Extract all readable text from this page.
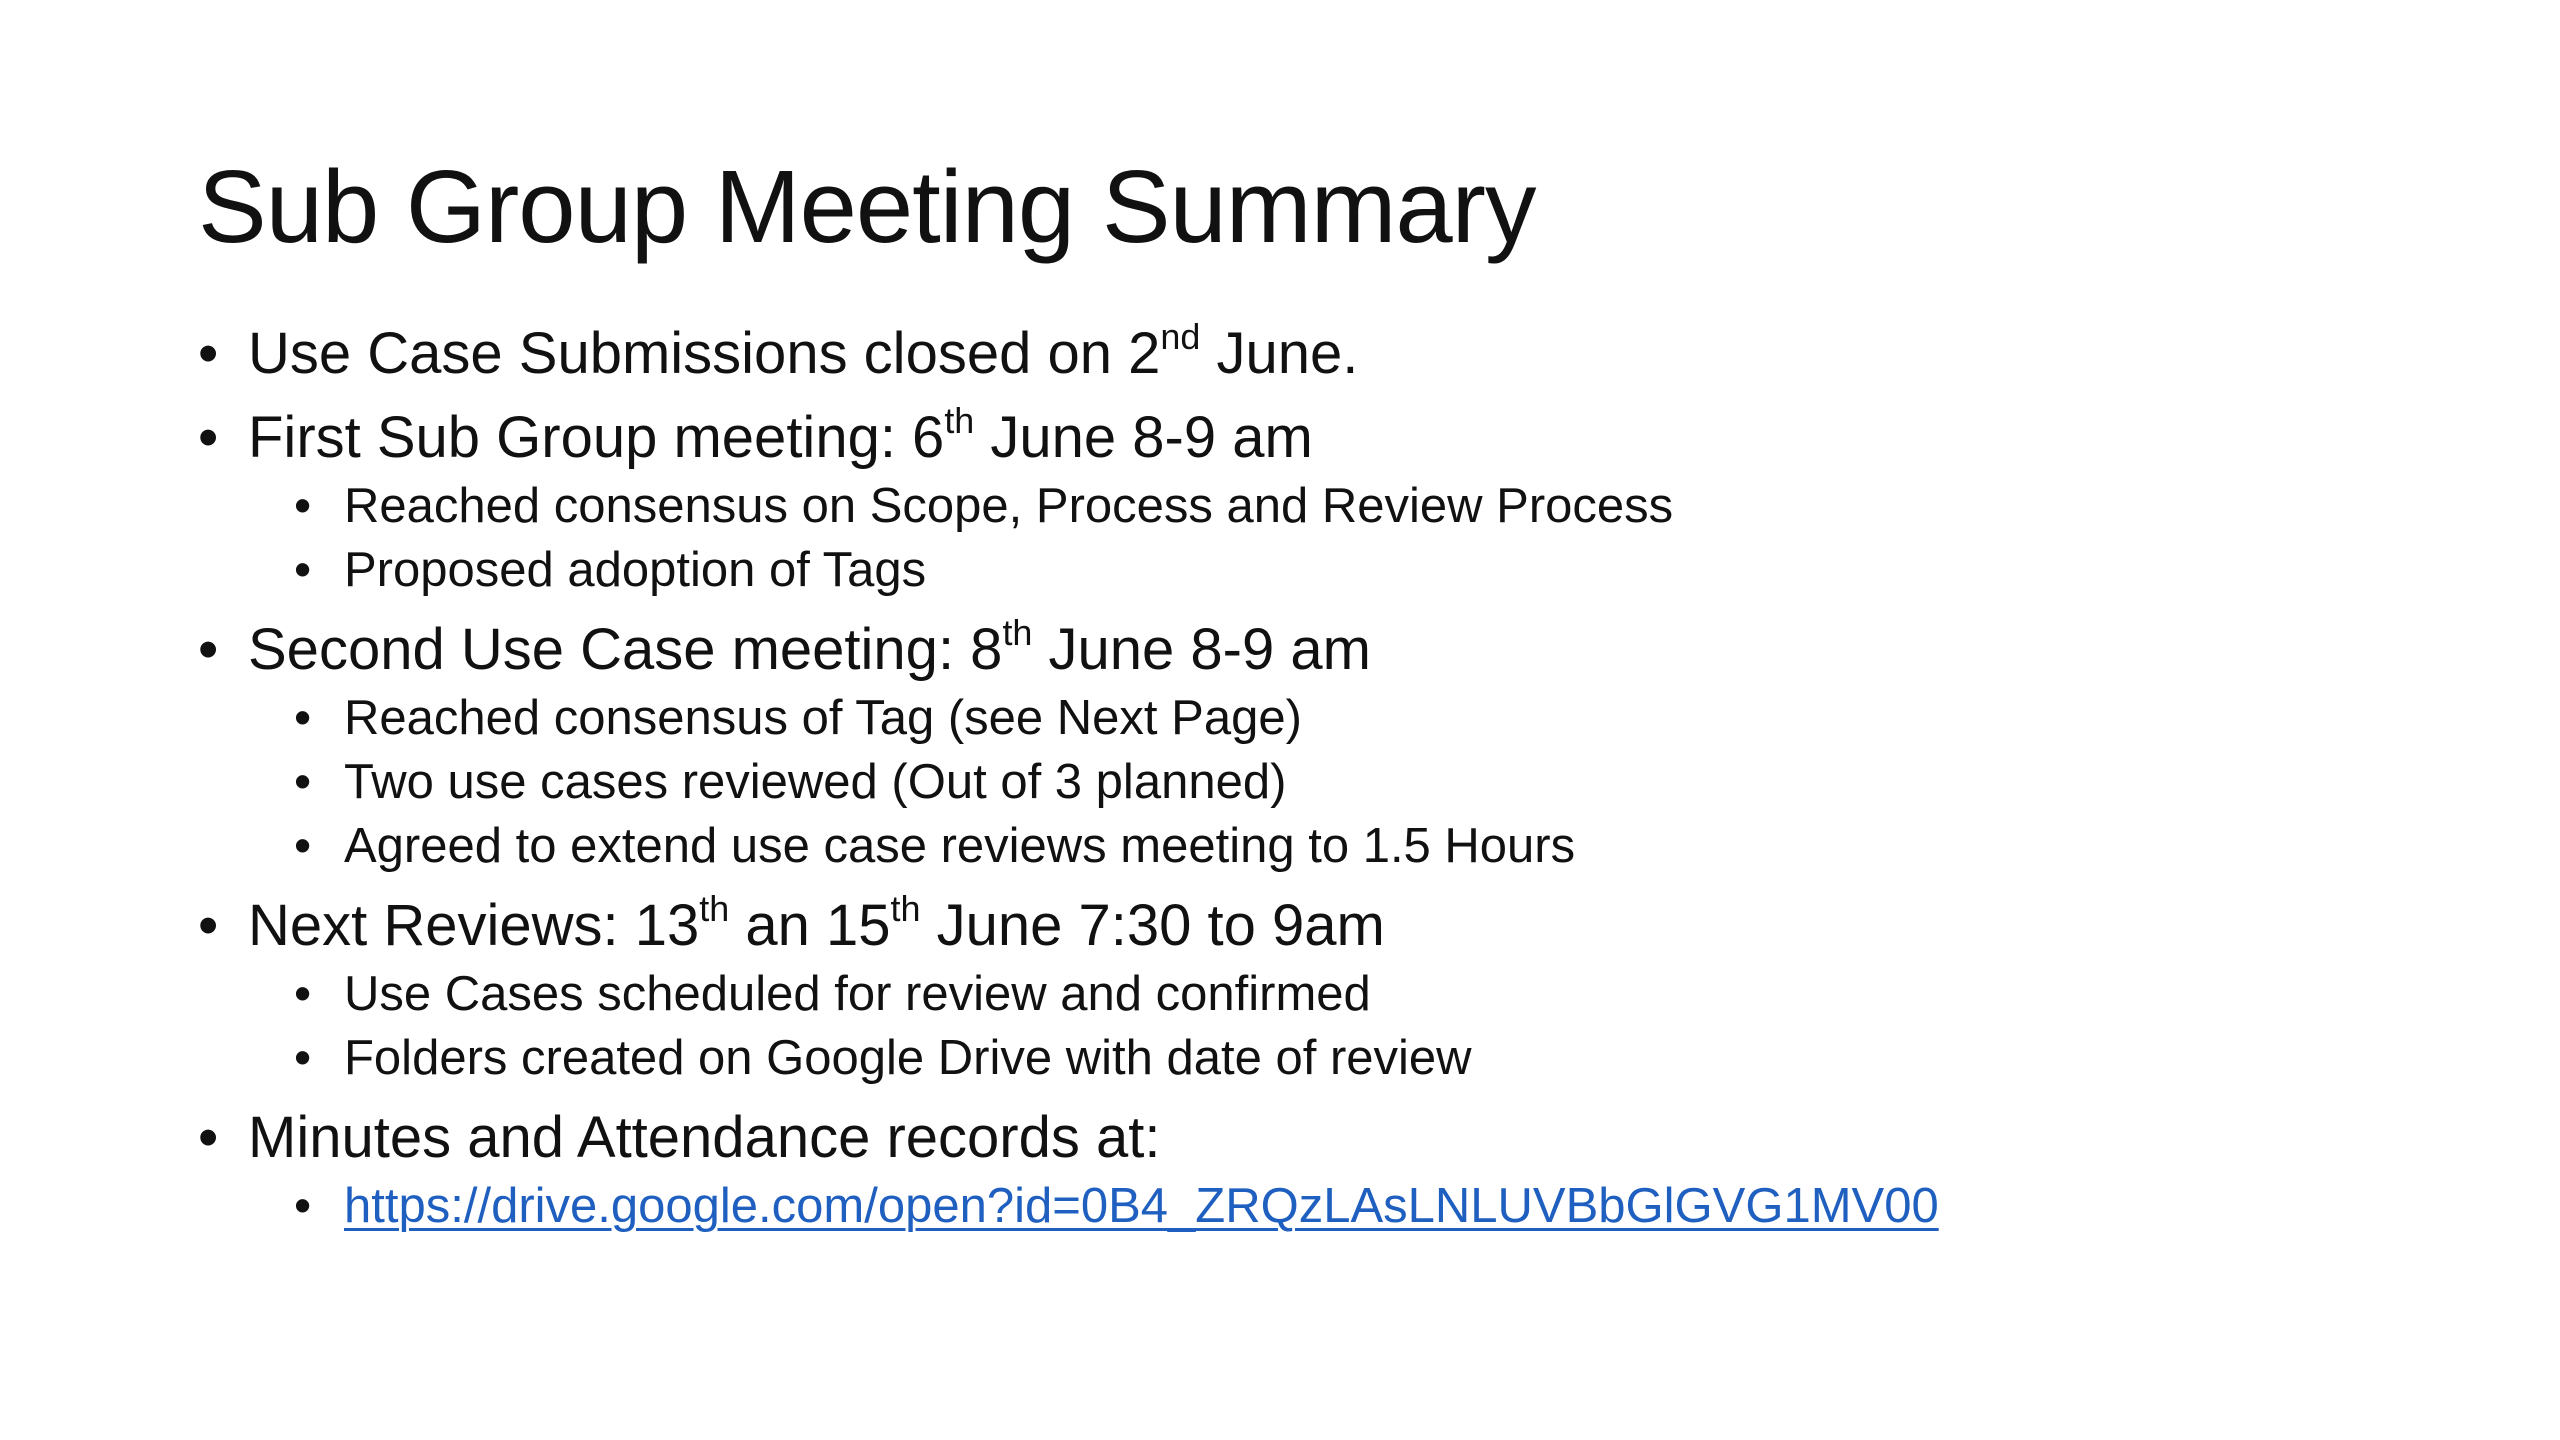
Sub Group Meeting Summary
• Use Case Submissions closed on 2nd June.
• First Sub Group meeting: 6th June 8-9 am
• Reached consensus on Scope, Process and Review Process
• Proposed adoption of Tags
• Second Use Case meeting: 8th June 8-9 am
• Reached consensus of Tag (see Next Page)
• Two use cases reviewed (Out of 3 planned)
• Agreed to extend use case reviews meeting to 1.5 Hours
• Next Reviews: 13th an 15th June 7:30 to 9am
• Use Cases scheduled for review and confirmed
• Folders created on Google Drive with date of review
• Minutes and Attendance records at:
• https://drive.google.com/open?id=0B4_ZRQzLAsLNLUVBbGlGVG1MV00
